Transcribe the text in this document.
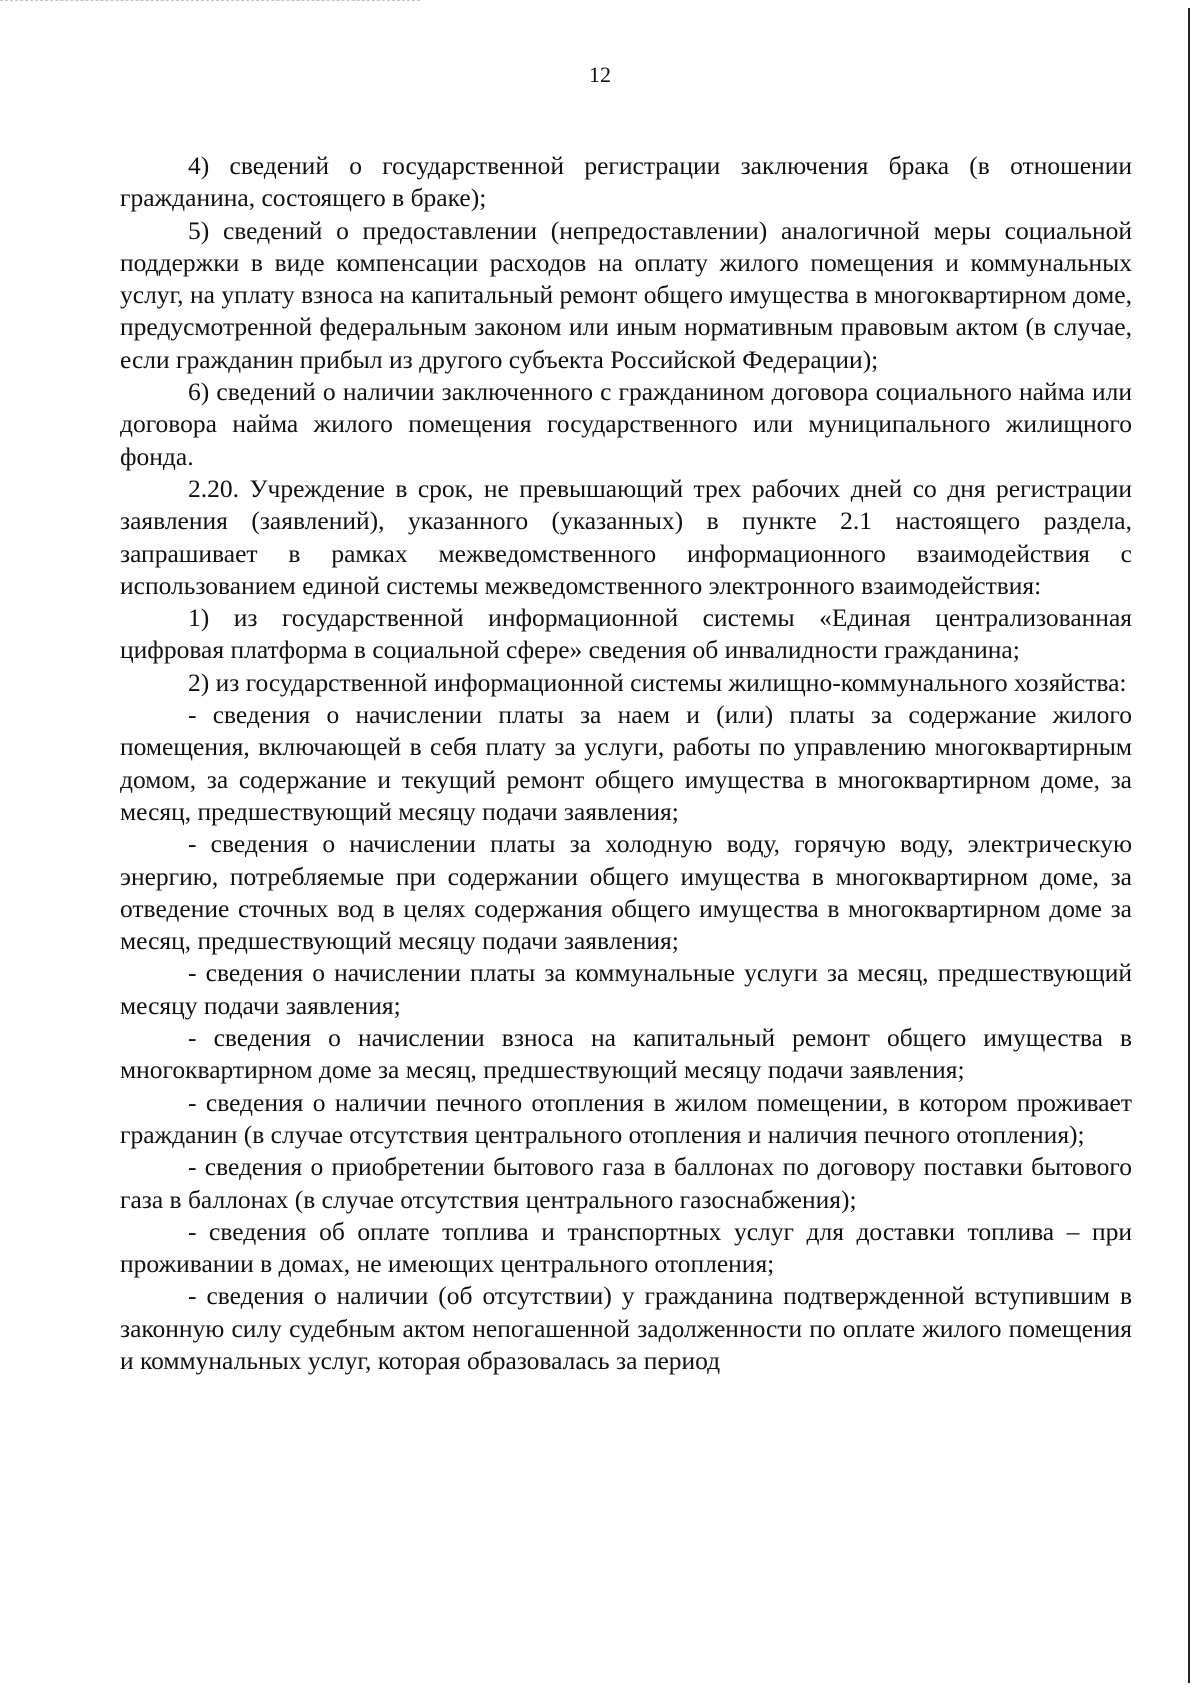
12

4) сведений о государственной регистрации заключения брака (в отношении гражданина, состоящего в браке);

5) сведений о предоставлении (непредоставлении) аналогичной меры социальной поддержки в виде компенсации расходов на оплату жилого помещения и коммунальных услуг, на уплату взноса на капитальный ремонт общего имущества в многоквартирном доме, предусмотренной федеральным законом или иным нормативным правовым актом (в случае, если гражданин прибыл из другого субъекта Российской Федерации);

6) сведений о наличии заключенного с гражданином договора социального найма или договора найма жилого помещения государственного или муниципального жилищного фонда.

2.20. Учреждение в срок, не превышающий трех рабочих дней со дня регистрации заявления (заявлений), указанного (указанных) в пункте 2.1 настоящего раздела, запрашивает в рамках межведомственного информационного взаимодействия с использованием единой системы межведомственного электронного взаимодействия:

1) из государственной информационной системы «Единая централизованная цифровая платформа в социальной сфере» сведения об инвалидности гражданина;

2) из государственной информационной системы жилищно-коммунального хозяйства:

- сведения о начислении платы за наем и (или) платы за содержание жилого помещения, включающей в себя плату за услуги, работы по управлению многоквартирным домом, за содержание и текущий ремонт общего имущества в многоквартирном доме, за месяц, предшествующий месяцу подачи заявления;

- сведения о начислении платы за холодную воду, горячую воду, электрическую энергию, потребляемые при содержании общего имущества в многоквартирном доме, за отведение сточных вод в целях содержания общего имущества в многоквартирном доме за месяц, предшествующий месяцу подачи заявления;

- сведения о начислении платы за коммунальные услуги за месяц, предшествующий месяцу подачи заявления;

- сведения о начислении взноса на капитальный ремонт общего имущества в многоквартирном доме за месяц, предшествующий месяцу подачи заявления;

- сведения о наличии печного отопления в жилом помещении, в котором проживает гражданин (в случае отсутствия центрального отопления и наличия печного отопления);

- сведения о приобретении бытового газа в баллонах по договору поставки бытового газа в баллонах (в случае отсутствия центрального газоснабжения);

- сведения об оплате топлива и транспортных услуг для доставки топлива – при проживании в домах, не имеющих центрального отопления;

- сведения о наличии (об отсутствии) у гражданина подтвержденной вступившим в законную силу судебным актом непогашенной задолженности по оплате жилого помещения и коммунальных услуг, которая образовалась за период
